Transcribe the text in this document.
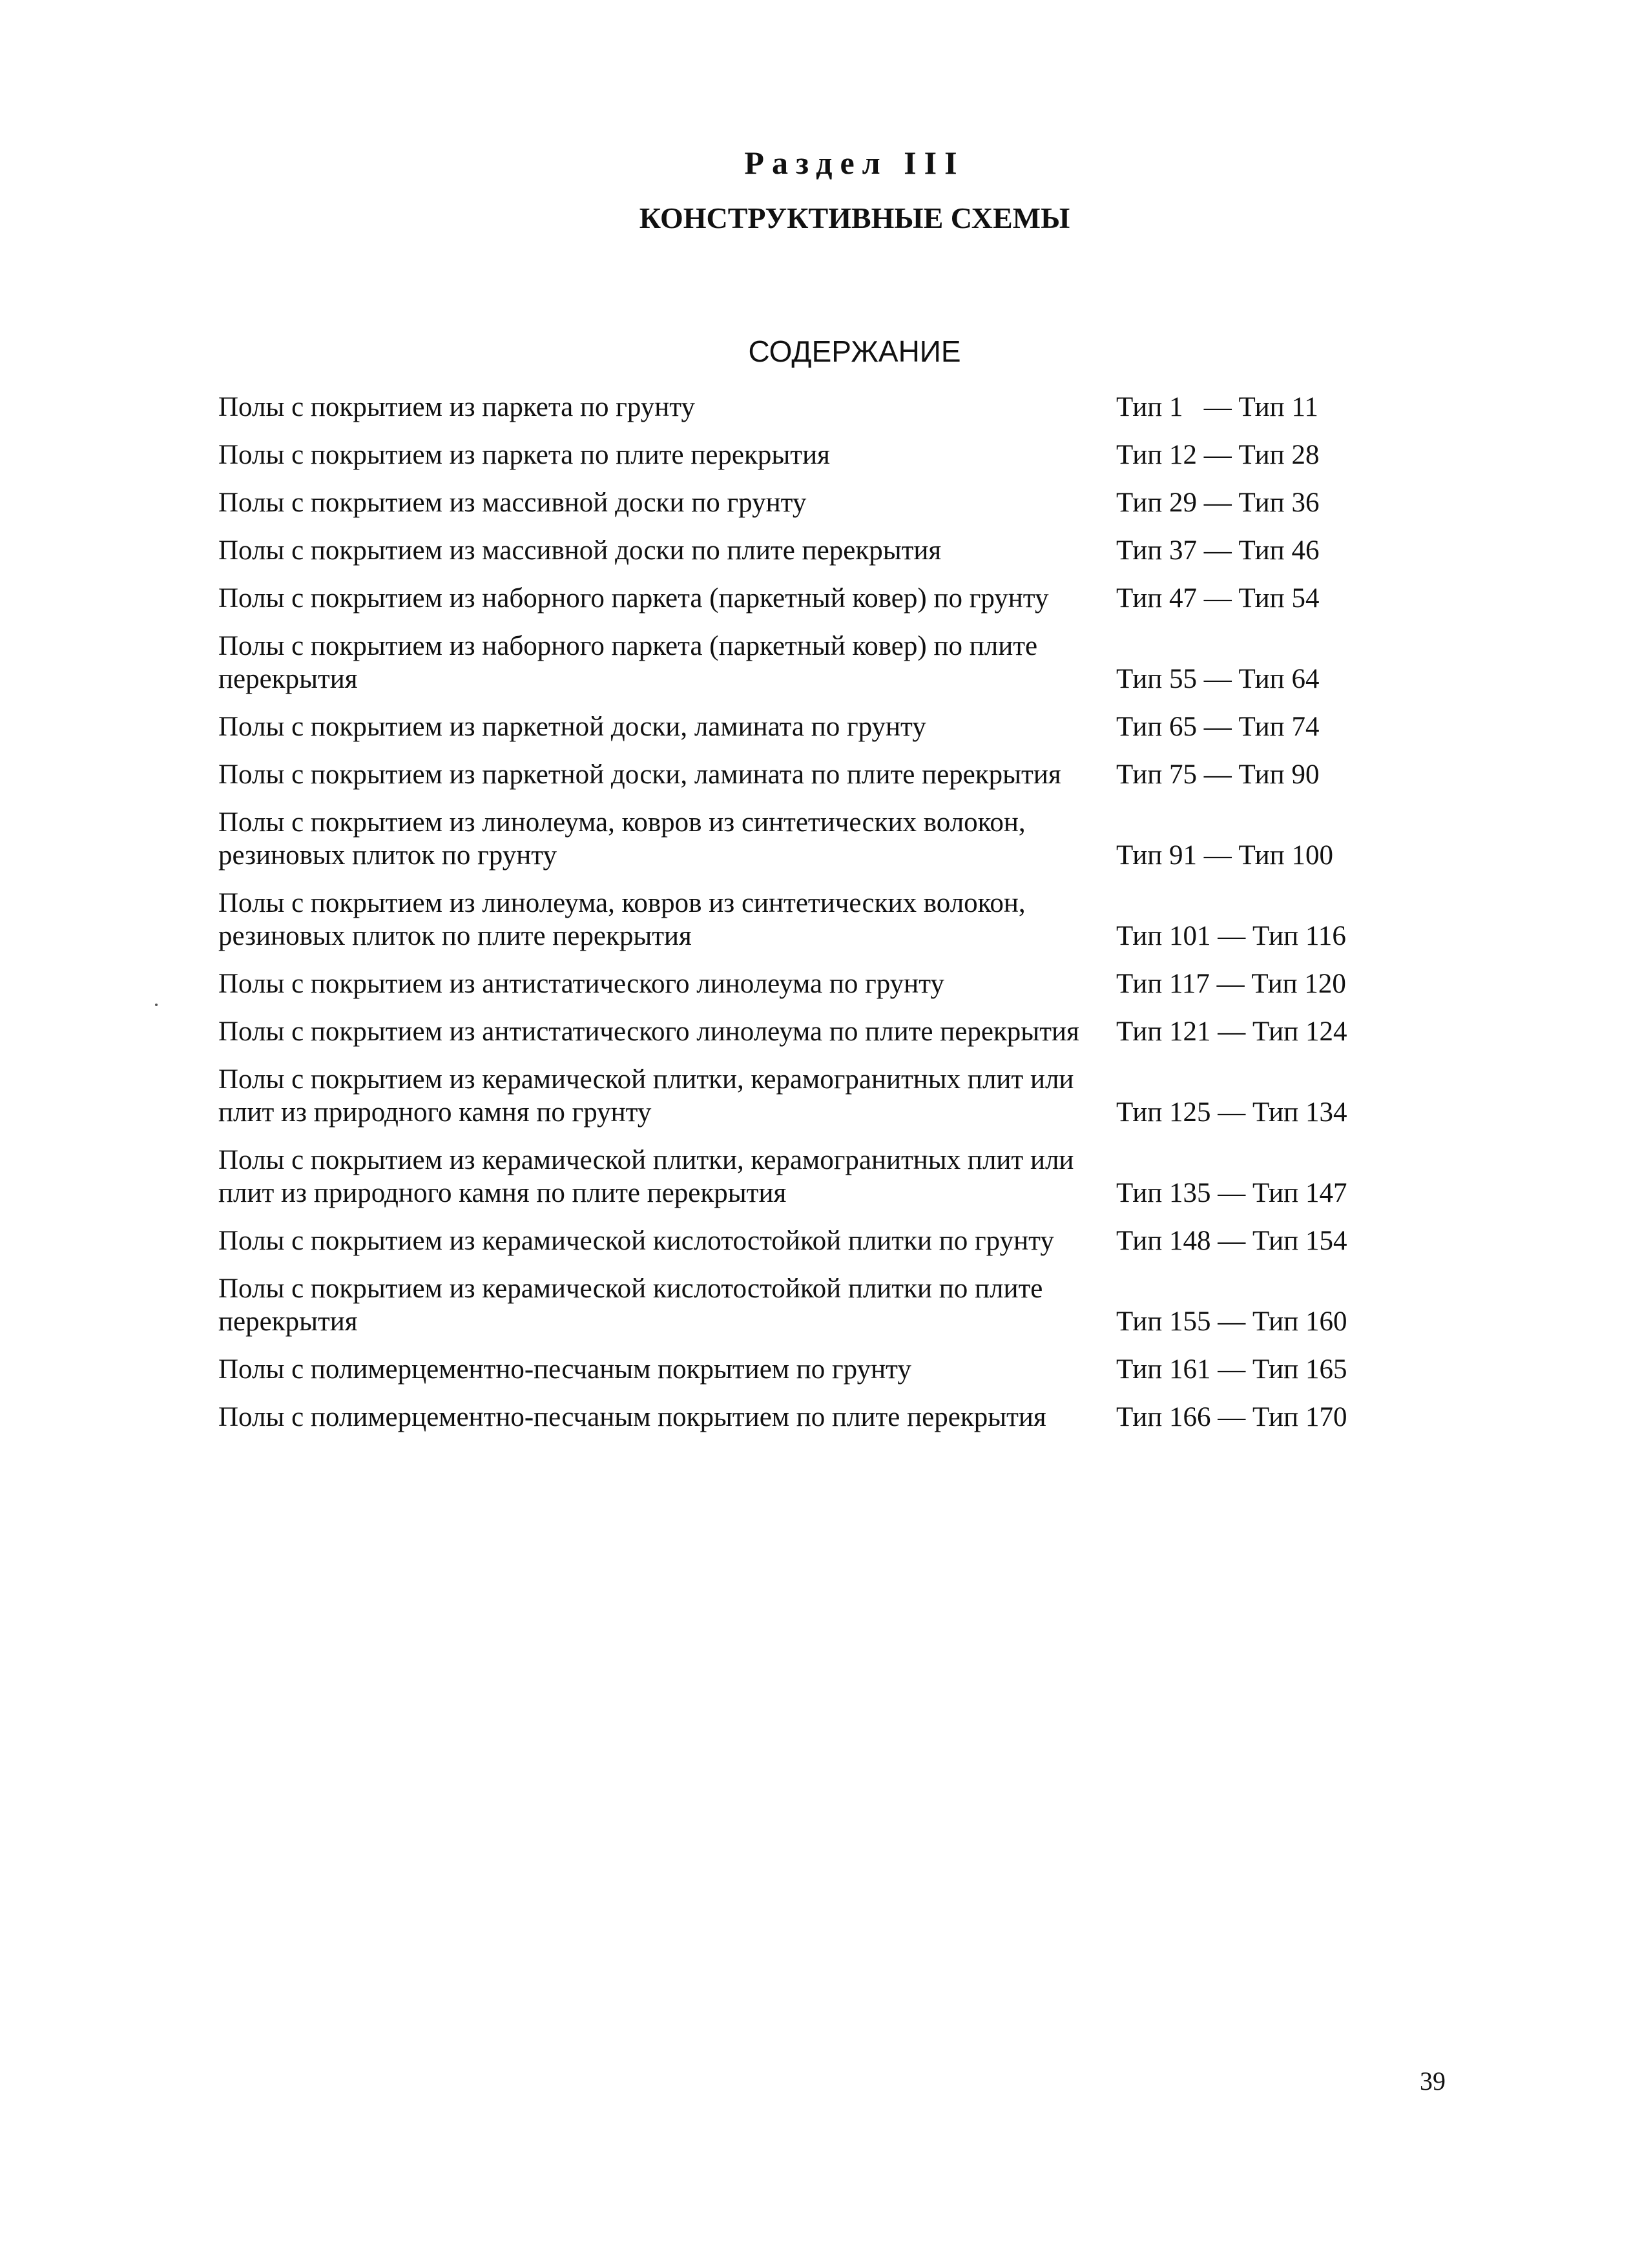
Раздел III
КОНСТРУКТИВНЫЕ СХЕМЫ
СОДЕРЖАНИЕ
Полы с покрытием из паркета по грунту	Тип 1   — Тип 11
Полы с покрытием из паркета по плите перекрытия	Тип 12 — Тип 28
Полы с покрытием из массивной доски по грунту	Тип 29 — Тип 36
Полы с покрытием из массивной доски по плите перекрытия	Тип 37 — Тип 46
Полы с покрытием из наборного паркета (паркетный ковер) по грунту	Тип 47 — Тип 54
Полы с покрытием из наборного паркета (паркетный ковер) по плите перекрытия	Тип 55 — Тип 64
Полы с покрытием из паркетной доски, ламината по грунту	Тип 65 — Тип 74
Полы с покрытием из паркетной доски, ламината по плите перекрытия	Тип 75 — Тип 90
Полы с покрытием из линолеума, ковров из синтетических волокон, резиновых плиток по грунту	Тип 91 — Тип 100
Полы с покрытием из линолеума, ковров из синтетических волокон, резиновых плиток по плите перекрытия	Тип 101 — Тип 116
Полы с покрытием из антистатического линолеума по грунту	Тип 117 — Тип 120
Полы с покрытием из антистатического линолеума по плите перекрытия	Тип 121 — Тип 124
Полы с покрытием из керамической плитки, керамогранитных плит или плит из природного камня по грунту	Тип 125 — Тип 134
Полы с покрытием из керамической плитки, керамогранитных плит или плит из природного камня по плите перекрытия	Тип 135 — Тип 147
Полы с покрытием из керамической кислотостойкой плитки по грунту	Тип 148 — Тип 154
Полы с покрытием из керамической кислотостойкой плитки по плите перекрытия	Тип 155 — Тип 160
Полы с полимерцементно-песчаным покрытием по грунту	Тип 161 — Тип 165
Полы с полимерцементно-песчаным покрытием по плите перекрытия	Тип 166 — Тип 170
39
